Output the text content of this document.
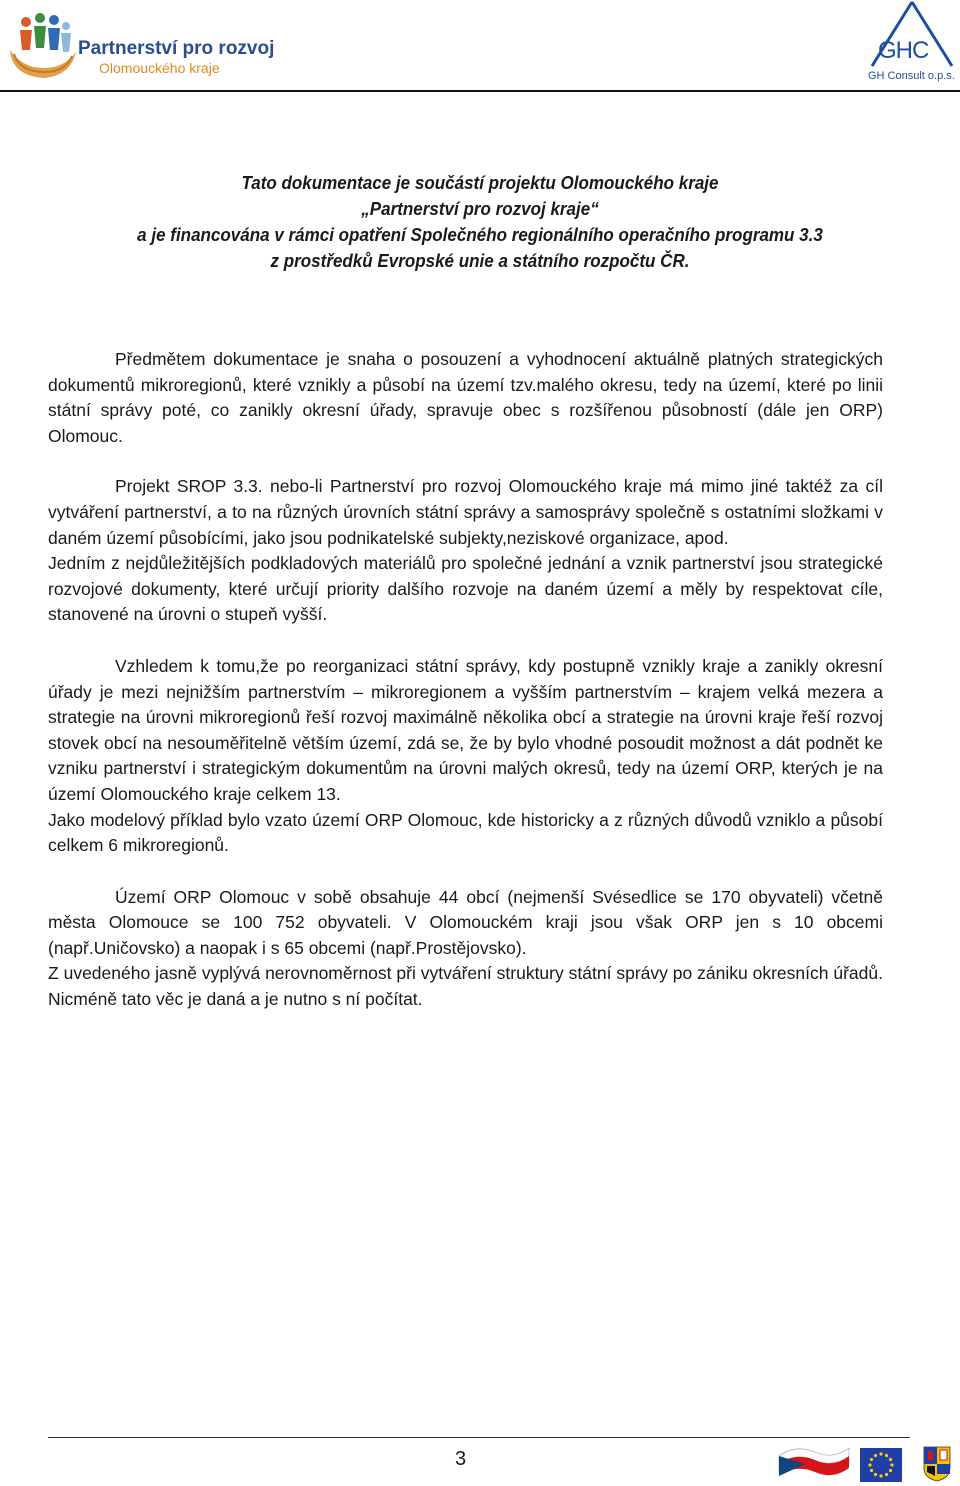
Partnerství pro rozvoj
Olomouckého kraje
GHC
GH Consult o.p.s.
Tato dokumentace je součástí projektu Olomouckého kraje
„Partnerství pro rozvoj kraje“
a je financována v rámci opatření Společného regionálního operačního programu 3.3
z prostředků Evropské unie a státního rozpočtu ČR.

Předmětem dokumentace je snaha o posouzení a vyhodnocení aktuálně platných strategických dokumentů mikroregionů, které vznikly a působí na území tzv.malého okresu, tedy na území, které po linii státní správy poté, co zanikly okresní úřady, spravuje obec s rozšířenou působností (dále jen ORP) Olomouc.

Projekt SROP 3.3. nebo-li Partnerství pro rozvoj Olomouckého kraje má mimo jiné taktéž za cíl vytváření partnerství, a to na různých úrovních státní správy a samosprávy společně s ostatními složkami v daném území působícími, jako jsou podnikatelské subjekty,neziskové organizace, apod.

Jedním z nejdůležitějších podkladových materiálů pro společné jednání a vznik partnerství jsou strategické rozvojové dokumenty, které určují priority dalšího rozvoje na daném území a měly by respektovat cíle, stanovené na úrovni o stupeň vyšší.

Vzhledem k tomu,že po reorganizaci státní správy, kdy postupně vznikly kraje a zanikly okresní úřady je mezi nejnižším partnerstvím – mikroregionem a vyšším partnerstvím – krajem velká mezera a strategie na úrovni mikroregionů řeší rozvoj maximálně několika obcí a strategie na úrovni kraje řeší rozvoj stovek obcí na nesouměřitelně větším území, zdá se, že by bylo vhodné posoudit možnost a dát podnět ke vzniku partnerství i strategickým dokumentům na úrovni malých okresů, tedy na území ORP, kterých je na území Olomouckého kraje celkem 13.

Jako modelový příklad bylo vzato území ORP Olomouc, kde historicky a z různých důvodů vzniklo a působí celkem 6 mikroregionů.

Území ORP Olomouc v sobě obsahuje 44 obcí (nejmenší Svésedlice se 170 obyvateli) včetně města Olomouce se 100 752 obyvateli. V Olomouckém kraji jsou však ORP jen s 10 obcemi (např.Uničovsko) a naopak i s 65 obcemi (např.Prostějovsko).

Z uvedeného jasně vyplývá nerovnoměrnost při vytváření struktury státní správy po zániku okresních úřadů. Nicméně tato věc je daná a je nutno s ní počítat.

3
